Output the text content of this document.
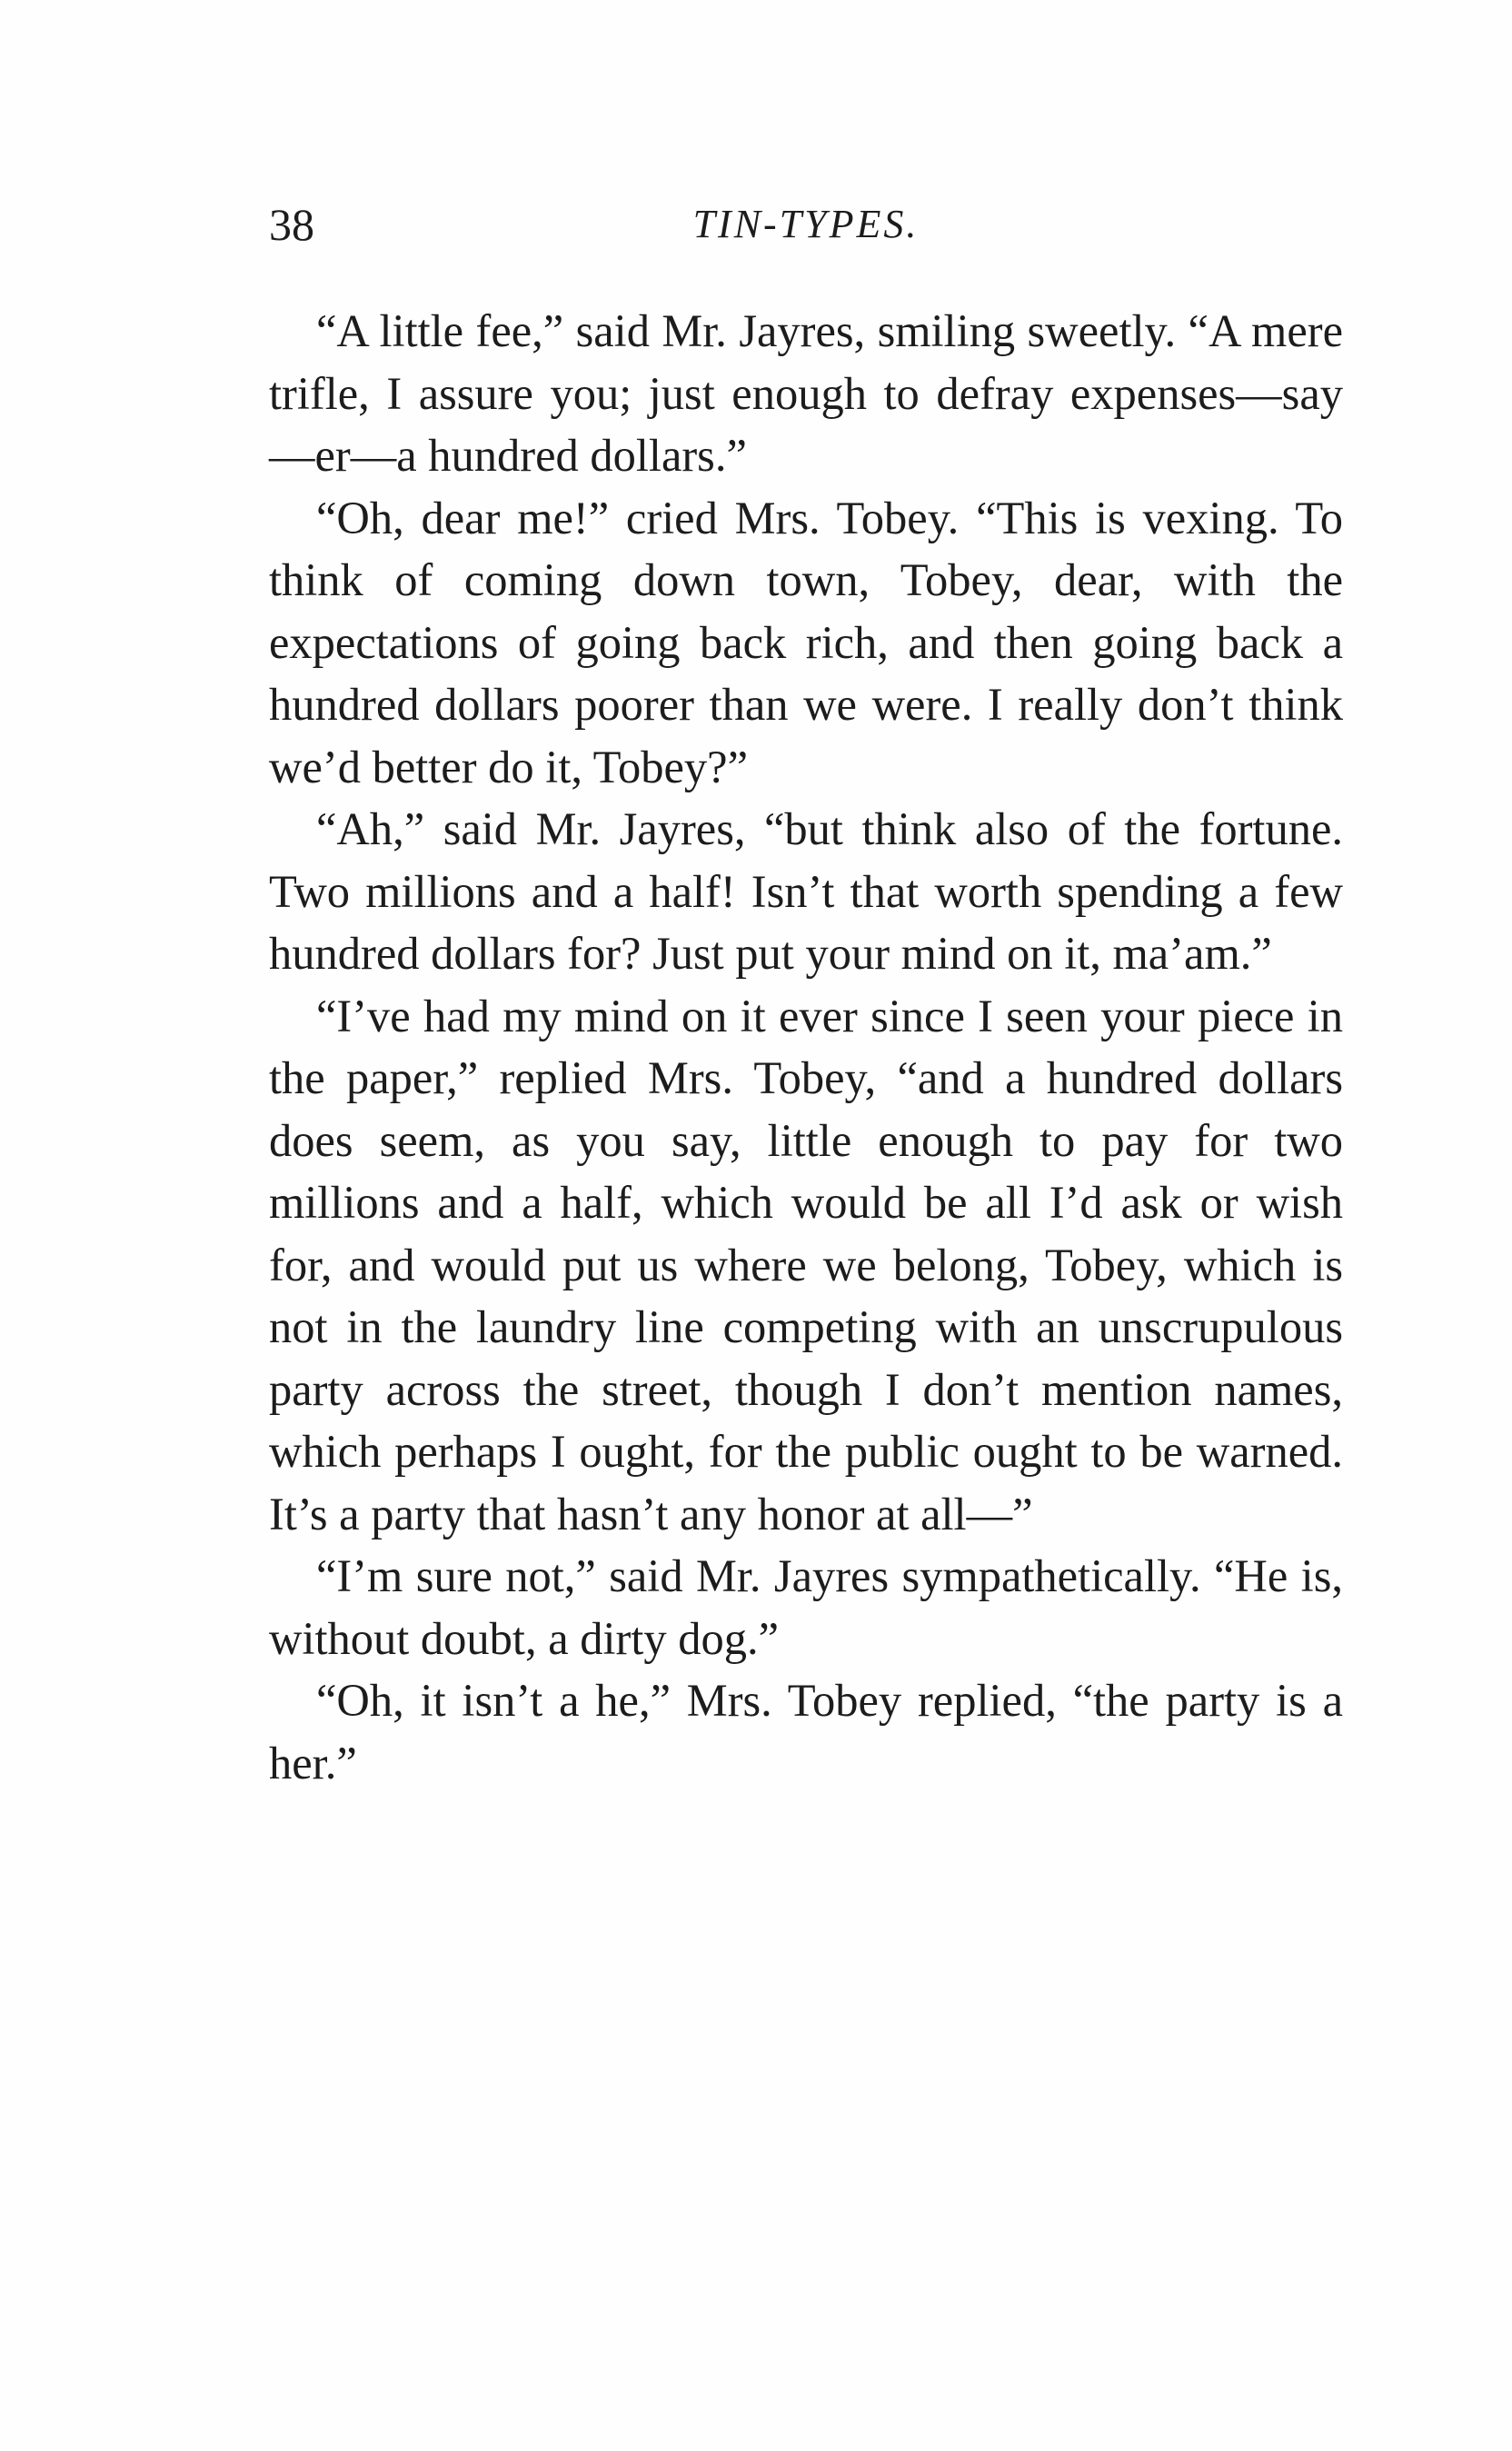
38	TIN-TYPES.

“A little fee,” said Mr. Jayres, smiling sweetly. “A mere trifle, I assure you; just enough to defray expenses—say—er—a hundred dollars.”

“Oh, dear me!” cried Mrs. Tobey. “This is vexing. To think of coming down town, Tobey, dear, with the expectations of going back rich, and then going back a hundred dollars poorer than we were. I really don’t think we’d better do it, Tobey?”

“Ah,” said Mr. Jayres, “but think also of the fortune. Two millions and a half! Isn’t that worth spending a few hundred dollars for? Just put your mind on it, ma’am.”

“I’ve had my mind on it ever since I seen your piece in the paper,” replied Mrs. Tobey, “and a hundred dollars does seem, as you say, little enough to pay for two millions and a half, which would be all I’d ask or wish for, and would put us where we belong, Tobey, which is not in the laundry line competing with an unscrupulous party across the street, though I don’t mention names, which perhaps I ought, for the public ought to be warned. It’s a party that hasn’t any honor at all—”

“I’m sure not,” said Mr. Jayres sympathetically. “He is, without doubt, a dirty dog.”

“Oh, it isn’t a he,” Mrs. Tobey replied, “the party is a her.”
